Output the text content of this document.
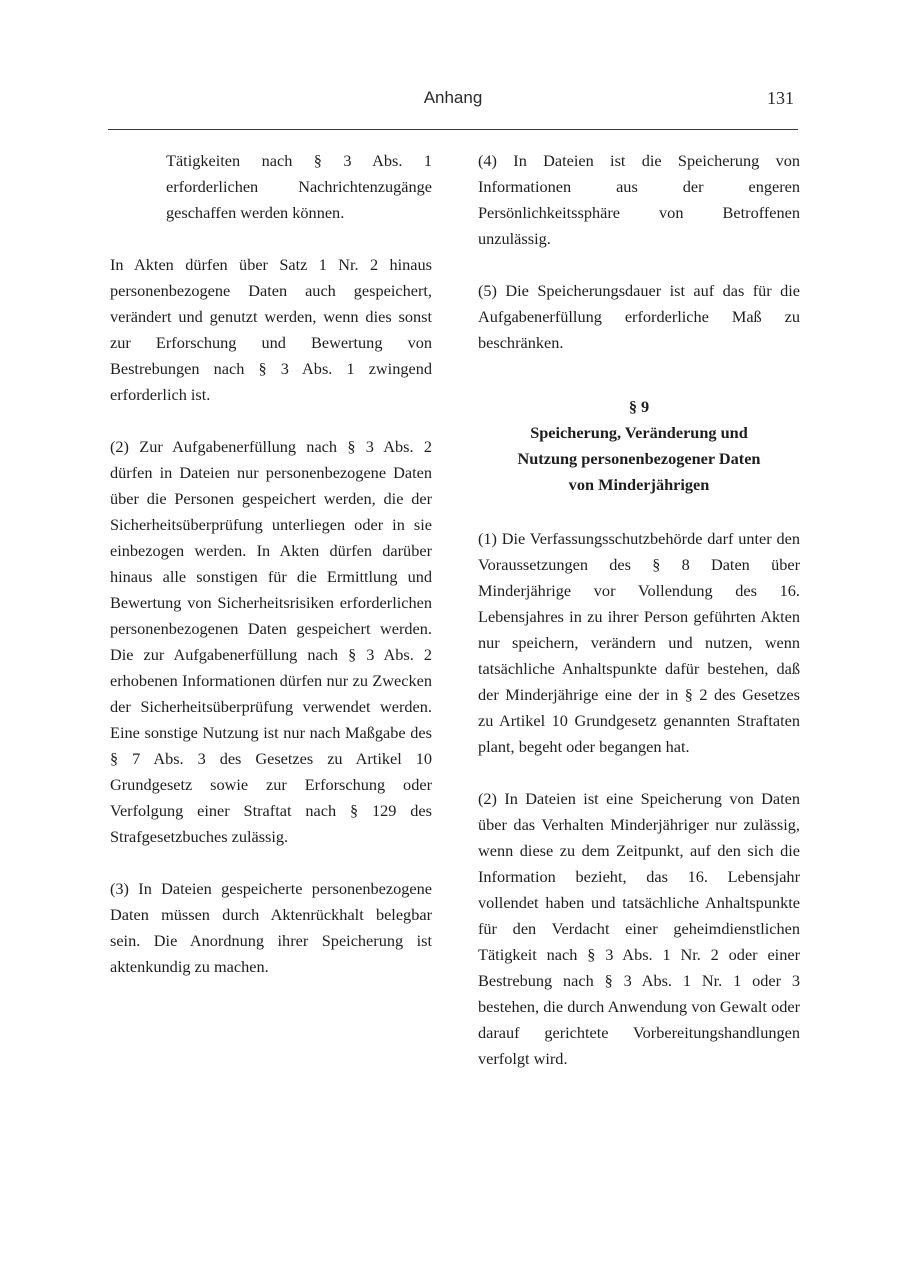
Anhang	131

Tätigkeiten nach § 3 Abs. 1 erforderlichen Nachrichtenzugänge geschaffen werden können.

In Akten dürfen über Satz 1 Nr. 2 hinaus personenbezogene Daten auch gespeichert, verändert und genutzt werden, wenn dies sonst zur Erforschung und Bewertung von Bestrebungen nach § 3 Abs. 1 zwingend erforderlich ist.

(2) Zur Aufgabenerfüllung nach § 3 Abs. 2 dürfen in Dateien nur personenbezogene Daten über die Personen gespeichert werden, die der Sicherheitsüberprüfung unterliegen oder in sie einbezogen werden. In Akten dürfen darüber hinaus alle sonstigen für die Ermittlung und Bewertung von Sicherheitsrisiken erforderlichen personenbezogenen Daten gespeichert werden. Die zur Aufgabenerfüllung nach § 3 Abs. 2 erhobenen Informationen dürfen nur zu Zwecken der Sicherheitsüberprüfung verwendet werden. Eine sonstige Nutzung ist nur nach Maßgabe des § 7 Abs. 3 des Gesetzes zu Artikel 10 Grundgesetz sowie zur Erforschung oder Verfolgung einer Straftat nach § 129 des Strafgesetzbuches zulässig.

(3) In Dateien gespeicherte personenbezogene Daten müssen durch Aktenrückhalt belegbar sein. Die Anordnung ihrer Speicherung ist aktenkundig zu machen.

(4) In Dateien ist die Speicherung von Informationen aus der engeren Persönlichkeitssphäre von Betroffenen unzulässig.

(5) Die Speicherungsdauer ist auf das für die Aufgabenerfüllung erforderliche Maß zu beschränken.

§ 9
Speicherung, Veränderung und
Nutzung personenbezogener Daten
von Minderjährigen

(1) Die Verfassungsschutzbehörde darf unter den Voraussetzungen des § 8 Daten über Minderjährige vor Vollendung des 16. Lebensjahres in zu ihrer Person geführten Akten nur speichern, verändern und nutzen, wenn tatsächliche Anhaltspunkte dafür bestehen, daß der Minderjährige eine der in § 2 des Gesetzes zu Artikel 10 Grundgesetz genannten Straftaten plant, begeht oder begangen hat.

(2) In Dateien ist eine Speicherung von Daten über das Verhalten Minderjähriger nur zulässig, wenn diese zu dem Zeitpunkt, auf den sich die Information bezieht, das 16. Lebensjahr vollendet haben und tatsächliche Anhaltspunkte für den Verdacht einer geheimdienstlichen Tätigkeit nach § 3 Abs. 1 Nr. 2 oder einer Bestrebung nach § 3 Abs. 1 Nr. 1 oder 3 bestehen, die durch Anwendung von Gewalt oder darauf gerichtete Vorbereitungshandlungen verfolgt wird.
